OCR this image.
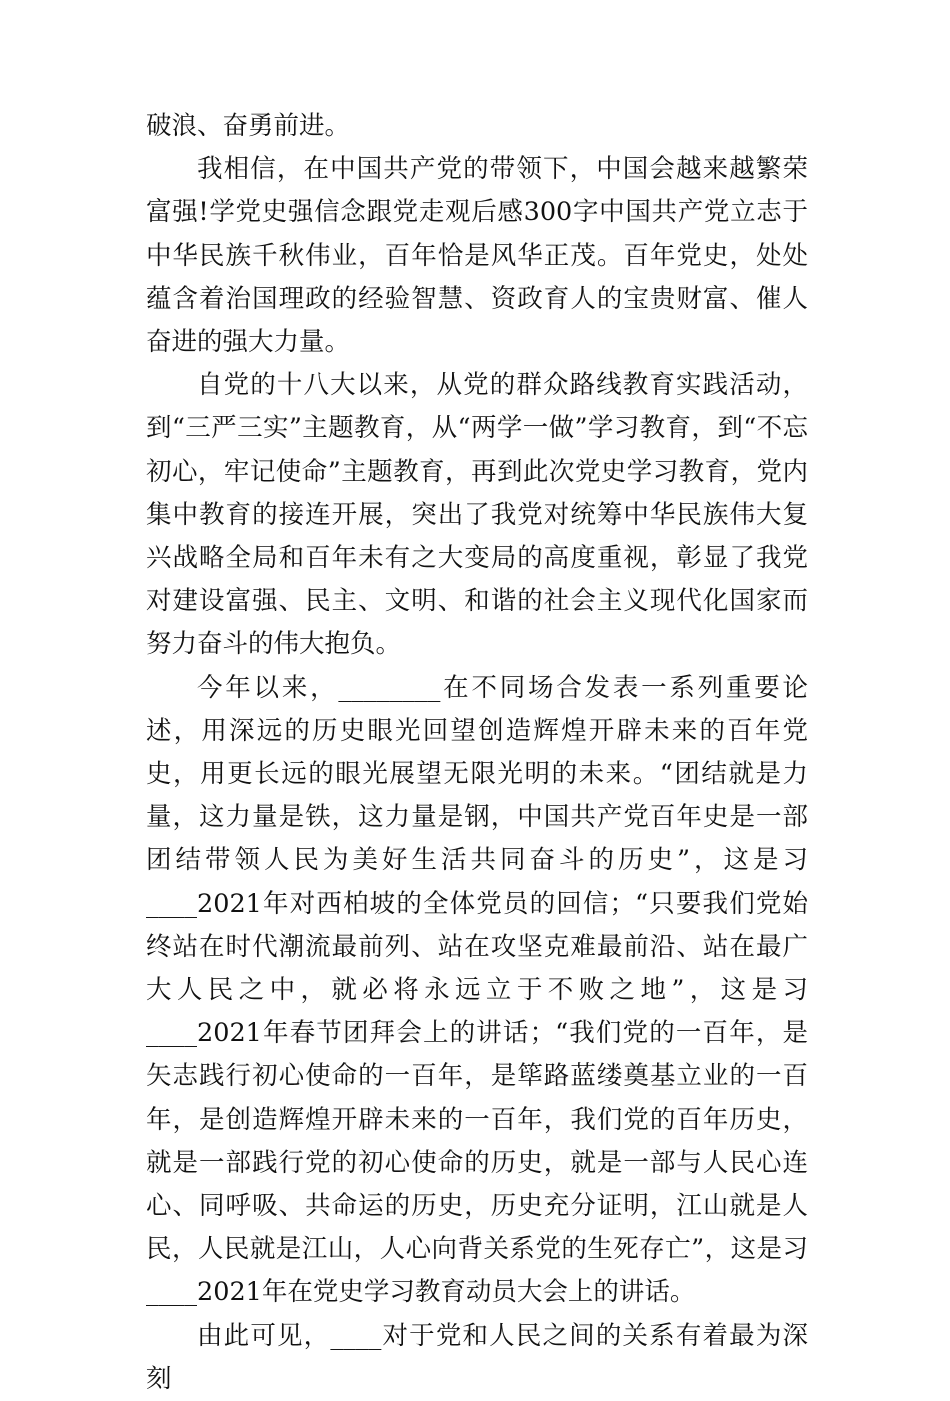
破浪、奋勇前进。

我相信，在中国共产党的带领下，中国会越来越繁荣富强!学党史强信念跟党走观后感300字中国共产党立志于中华民族千秋伟业，百年恰是风华正茂。百年党史，处处蕴含着治国理政的经验智慧、资政育人的宝贵财富、催人奋进的强大力量。

自党的十八大以来，从党的群众路线教育实践活动，到“三严三实”主题教育，从“两学一做”学习教育，到“不忘初心，牢记使命”主题教育，再到此次党史学习教育，党内集中教育的接连开展，突出了我党对统筹中华民族伟大复兴战略全局和百年未有之大变局的高度重视，彰显了我党对建设富强、民主、文明、和谐的社会主义现代化国家而努力奋斗的伟大抱负。

今年以来，________在不同场合发表一系列重要论述，用深远的历史眼光回望创造辉煌开辟未来的百年党史，用更长远的眼光展望无限光明的未来。“团结就是力量，这力量是铁，这力量是钢，中国共产党百年史是一部团结带领人民为美好生活共同奋斗的历史”，这是习____2021年对西柏坡的全体党员的回信；“只要我们党始终站在时代潮流最前列、站在攻坚克难最前沿、站在最广大人民之中，就必将永远立于不败之地”，这是习____2021年春节团拜会上的讲话；“我们党的一百年，是矢志践行初心使命的一百年，是筚路蓝缕奠基立业的一百年，是创造辉煌开辟未来的一百年，我们党的百年历史，就是一部践行党的初心使命的历史，就是一部与人民心连心、同呼吸、共命运的历史，历史充分证明，江山就是人民，人民就是江山，人心向背关系党的生死存亡”，这是习____2021年在党史学习教育动员大会上的讲话。

由此可见，____对于党和人民之间的关系有着最为深刻
